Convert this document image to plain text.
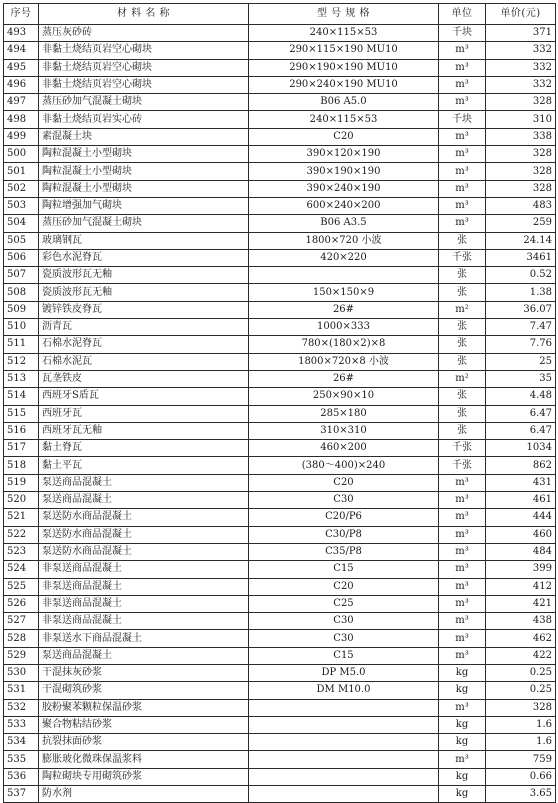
序号	材 料 名 称	型 号 规 格	单位	单价(元)
493	蒸压灰砂砖	240×115×53	千块	371
494	非黏土烧结页岩空心砌块	290×115×190 MU10	m³	332
495	非黏土烧结页岩空心砌块	290×190×190 MU10	m³	332
496	非黏土烧结页岩空心砌块	290×240×190 MU10	m³	332
497	蒸压砂加气混凝土砌块	B06 A5.0	m³	328
498	非黏土烧结页岩实心砖	240×115×53	千块	310
499	素混凝土块	C20	m³	338
500	陶粒混凝土小型砌块	390×120×190	m³	328
501	陶粒混凝土小型砌块	390×190×190	m³	328
502	陶粒混凝土小型砌块	390×240×190	m³	328
503	陶粒增强加气砌块	600×240×200	m³	483
504	蒸压砂加气混凝土砌块	B06 A3.5	m³	259
505	玻璃钢瓦	1800×720 小波	张	24.14
506	彩色水泥脊瓦	420×220	千张	3461
507	瓷质波形瓦无釉		张	0.52
508	瓷质波形瓦无釉	150×150×9	张	1.38
509	镀锌铁皮脊瓦	26#	m²	36.07
510	沥青瓦	1000×333	张	7.47
511	石棉水泥脊瓦	780×(180×2)×8	张	7.76
512	石棉水泥瓦	1800×720×8 小波	张	25
513	瓦垄铁皮	26#	m²	35
514	西班牙S盾瓦	250×90×10	张	4.48
515	西班牙瓦	285×180	张	6.47
516	西班牙瓦无釉	310×310	张	6.47
517	黏土脊瓦	460×200	千张	1034
518	黏土平瓦	(380～400)×240	千张	862
519	泵送商品混凝土	C20	m³	431
520	泵送商品混凝土	C30	m³	461
521	泵送防水商品混凝土	C20/P6	m³	444
522	泵送防水商品混凝土	C30/P8	m³	460
523	泵送防水商品混凝土	C35/P8	m³	484
524	非泵送商品混凝土	C15	m³	399
525	非泵送商品混凝土	C20	m³	412
526	非泵送商品混凝土	C25	m³	421
527	非泵送商品混凝土	C30	m³	438
528	非泵送水下商品混凝土	C30	m³	462
529	泵送商品混凝土	C15	m³	422
530	干混抹灰砂浆	DP M5.0	kg	0.25
531	干混砌筑砂浆	DM M10.0	kg	0.25
532	胶粉聚苯颗粒保温砂浆		m³	328
533	聚合物粘结砂浆		kg	1.6
534	抗裂抹面砂浆		kg	1.6
535	膨胀玻化微珠保温浆料		m³	759
536	陶粒砌块专用砌筑砂浆		kg	0.66
537	防水剂		kg	3.65
